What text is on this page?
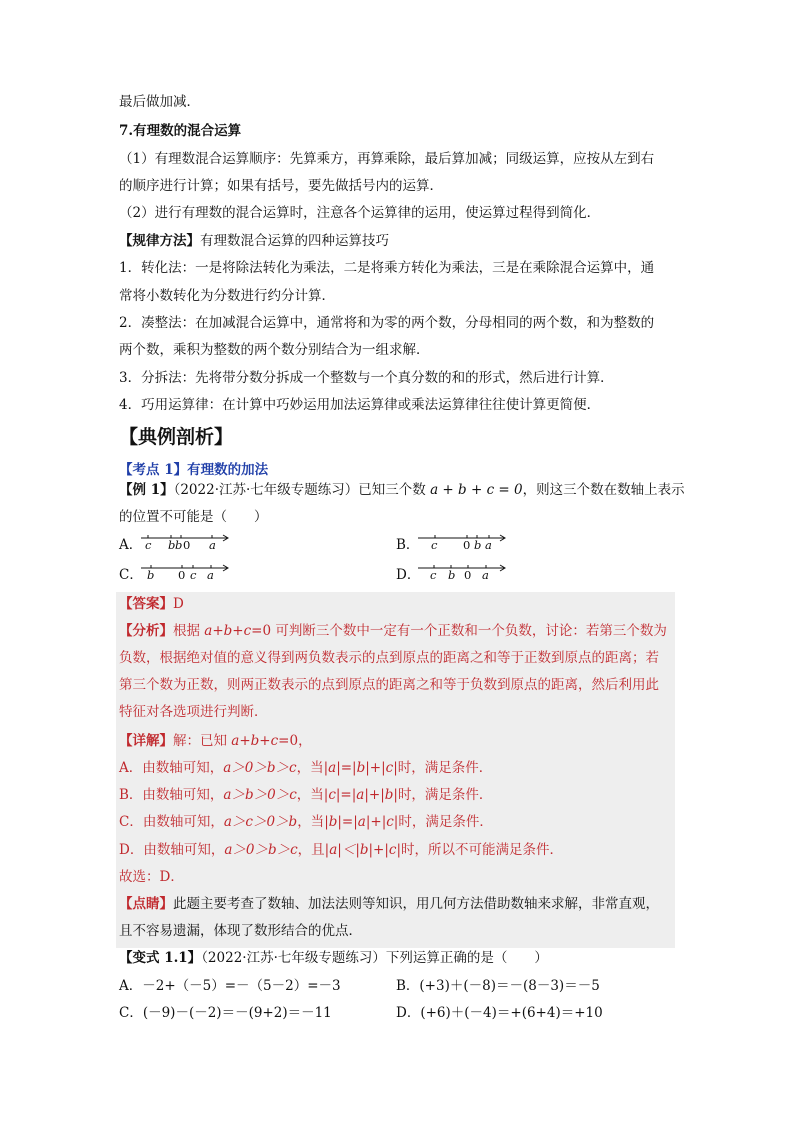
最后做加减．
7.有理数的混合运算
（1）有理数混合运算顺序：先算乘方，再算乘除，最后算加减；同级运算，应按从左到右
的顺序进行计算；如果有括号，要先做括号内的运算．
（2）进行有理数的混合运算时，注意各个运算律的运用，使运算过程得到简化．
【规律方法】有理数混合运算的四种运算技巧
1．转化法：一是将除法转化为乘法，二是将乘方转化为乘法，三是在乘除混合运算中，通
常将小数转化为分数进行约分计算．
2．凑整法：在加减混合运算中，通常将和为零的两个数，分母相同的两个数，和为整数的
两个数，乘积为整数的两个数分别结合为一组求解．
3．分拆法：先将带分数分拆成一个整数与一个真分数的和的形式，然后进行计算．
4．巧用运算律：在计算中巧妙运用加法运算律或乘法运算律往往使计算更简便．
【典例剖析】
【考点 1】有理数的加法
【例 1】（2022·江苏·七年级专题练习）已知三个数 a + b + c = 0，则这三个数在数轴上表示
的位置不可能是（　　）
A． c b b 0 a	B． c 0 b a
C． b 0 c a	D． c b 0 a
【答案】D
【分析】根据 a+b+c=0 可判断三个数中一定有一个正数和一个负数，讨论：若第三个数为
负数，根据绝对值的意义得到两负数表示的点到原点的距离之和等于正数到原点的距离；若
第三个数为正数，则两正数表示的点到原点的距离之和等于负数到原点的距离，然后利用此
特征对各选项进行判断．
【详解】解：已知 a+b+c=0，
A．由数轴可知，a＞0＞b＞c，当|a|=|b|+|c|时，满足条件．
B．由数轴可知，a＞b＞0＞c，当|c|=|a|+|b|时，满足条件．
C．由数轴可知，a＞c＞0＞b，当|b|=|a|+|c|时，满足条件．
D．由数轴可知，a＞0＞b＞c，且|a|＜|b|+|c|时，所以不可能满足条件．
故选：D．
【点睛】此题主要考查了数轴、加法法则等知识，用几何方法借助数轴来求解，非常直观，
且不容易遗漏，体现了数形结合的优点．
【变式 1.1】（2022·江苏·七年级专题练习）下列运算正确的是（　　）
A．－2+（－5）=－（5－2）=－3	B．(+3)＋(－8)＝－(8－3)＝－5
C．(－9)－(－2)＝－(9+2)＝－11	D．(+6)＋(－4)＝+(6+4)＝+10
